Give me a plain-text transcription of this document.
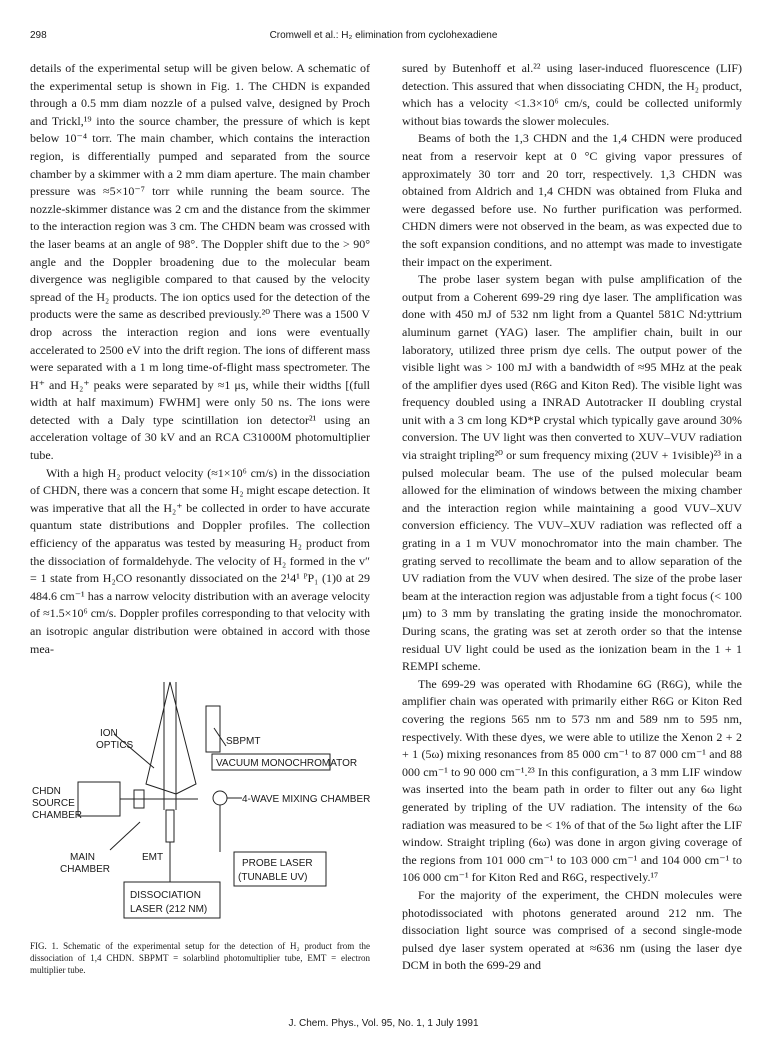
298	Cromwell et al.: H₂ elimination from cyclohexadiene

details of the experimental setup will be given below. A schematic of the experimental setup is shown in Fig. 1. The CHDN is expanded through a 0.5 mm diam nozzle of a pulsed valve, designed by Proch and Trickl,¹⁹ into the source chamber, the pressure of which is kept below 10⁻⁴ torr. The main chamber, which contains the interaction region, is differentially pumped and separated from the source chamber by a skimmer with a 2 mm diam aperture. The main chamber pressure was ≈5×10⁻⁷ torr while running the beam source. The nozzle-skimmer distance was 2 cm and the distance from the skimmer to the interaction region was 3 cm. The CHDN beam was crossed with the laser beams at an angle of 98°. The Doppler shift due to the > 90° angle and the Doppler broadening due to the molecular beam divergence was negligible compared to that caused by the velocity spread of the H₂ products. The ion optics used for the detection of the products were the same as described previously.²⁰ There was a 1500 V drop across the interaction region and ions were eventually accelerated to 2500 eV into the drift region. The ions of different mass were separated with a 1 m long time-of-flight mass spectrometer. The H⁺ and H₂⁺ peaks were separated by ≈1 μs, while their widths [(full width at half maximum) FWHM] were only 50 ns. The ions were detected with a Daly type scintillation ion detector²¹ using an acceleration voltage of 30 kV and an RCA C31000M photomultiplier tube.

With a high H₂ product velocity (≈1×10⁶ cm/s) in the dissociation of CHDN, there was a concern that some H₂ might escape detection. It was imperative that all the H₂⁺ be collected in order to have accurate quantum state distributions and Doppler profiles. The collection efficiency of the apparatus was tested by measuring H₂ product from the dissociation of formaldehyde. The velocity of H₂ formed in the v″ = 1 state from H₂CO resonantly dissociated on the 2¹4¹ ᴾP₁ (1)0 at 29 484.6 cm⁻¹ has a narrow velocity distribution with an average velocity of ≈1.5×10⁶ cm/s. Doppler profiles corresponding to that velocity with an isotropic angular distribution were obtained in accord with those mea-

ION
OPTICS	SBPMT
VACUUM MONOCHROMATOR
CHDN
SOURCE
CHAMBER
4-WAVE MIXING CHAMBER
PROBE LASER
(TUNABLE UV)
MAIN
CHAMBER
EMT
DISSOCIATION
LASER (212 NM)
FIG. 1. Schematic of the experimental setup for the detection of H₂ product from the dissociation of 1,4 CHDN. SBPMT = solarblind photomultiplier tube, EMT = electron multiplier tube.

sured by Butenhoff et al.²² using laser-induced fluorescence (LIF) detection. This assured that when dissociating CHDN, the H₂ product, which has a velocity <1.3×10⁶ cm/s, could be collected uniformly without bias towards the slower molecules.

Beams of both the 1,3 CHDN and the 1,4 CHDN were produced neat from a reservoir kept at 0 °C giving vapor pressures of approximately 30 torr and 20 torr, respectively. 1,3 CHDN was obtained from Aldrich and 1,4 CHDN was obtained from Fluka and were degassed before use. No further purification was performed. CHDN dimers were not observed in the beam, as was expected due to the soft expansion conditions, and no attempt was made to investigate their impact on the experiment.

The probe laser system began with pulse amplification of the output from a Coherent 699-29 ring dye laser. The amplification was done with 450 mJ of 532 nm light from a Quantel 581C Nd:yttrium aluminum garnet (YAG) laser. The amplifier chain, built in our laboratory, utilized three prism dye cells. The output power of the visible light was > 100 mJ with a bandwidth of ≈95 MHz at the peak of the amplifier dyes used (R6G and Kiton Red). The visible light was frequency doubled using a INRAD Autotracker II doubling crystal unit with a 3 cm long KD*P crystal which typically gave around 30% conversion. The UV light was then converted to XUV–VUV radiation via straight tripling²⁰ or sum frequency mixing (2UV + 1visible)²³ in a pulsed molecular beam. The use of the pulsed molecular beam allowed for the elimination of windows between the mixing chamber and the interaction region while maintaining a good VUV–XUV conversion efficiency. The VUV–XUV radiation was reflected off a grating in a 1 m VUV monochromator into the main chamber. The grating served to recollimate the beam and to allow separation of the UV radiation from the VUV when desired. The size of the probe laser beam at the interaction region was adjustable from a tight focus (< 100 μm) to 3 mm by translating the grating inside the monochromator. During scans, the grating was set at zeroth order so that the intense residual UV light could be used as the ionization beam in the 1 + 1 REMPI scheme.

The 699-29 was operated with Rhodamine 6G (R6G), while the amplifier chain was operated with primarily either R6G or Kiton Red covering the regions 565 nm to 573 nm and 589 nm to 595 nm, respectively. With these dyes, we were able to utilize the Xenon 2 + 2 + 1 (5ω) mixing resonances from 85 000 cm⁻¹ to 87 000 cm⁻¹ and 88 000 cm⁻¹ to 90 000 cm⁻¹.²³ In this configuration, a 3 mm LIF window was inserted into the beam path in order to filter out any 6ω light generated by tripling of the UV radiation. The intensity of the 6ω radiation was measured to be < 1% of that of the 5ω light after the LIF window. Straight tripling (6ω) was done in argon giving coverage of the regions from 101 000 cm⁻¹ to 103 000 cm⁻¹ and 104 000 cm⁻¹ to 106 000 cm⁻¹ for Kiton Red and R6G, respectively.¹⁷

For the majority of the experiment, the CHDN molecules were photodissociated with photons generated around 212 nm. The dissociation light source was comprised of a second single-mode pulsed dye laser system operated at ≈636 nm (using the laser dye DCM in both the 699-29 and

J. Chem. Phys., Vol. 95, No. 1, 1 July 1991
